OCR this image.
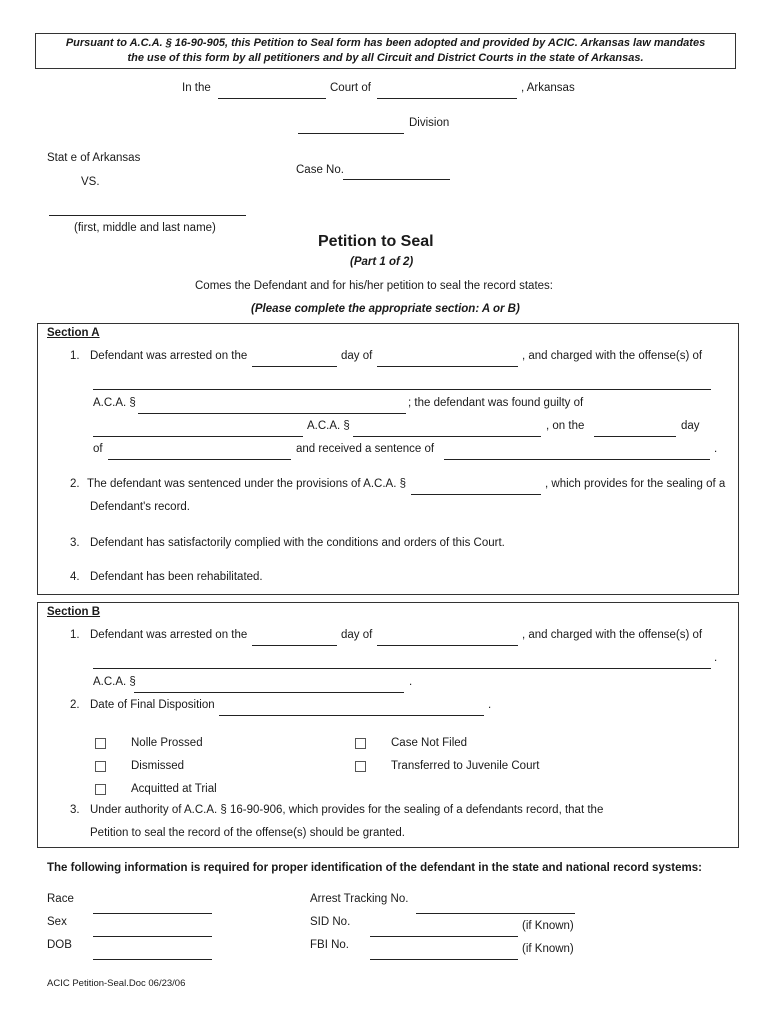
Pursuant to A.C.A. § 16-90-905, this Petition to Seal form has been adopted and provided by ACIC. Arkansas law mandates
the use of this form by all petitioners and by all Circuit and District Courts in the state of Arkansas.
In the	Court of	, Arkansas
Division
Stat e of Arkansas
VS.
Case No.
(first, middle and last name)
Petition to Seal
(Part 1 of 2)
Comes the Defendant and for his/her petition to seal the record states:
(Please complete the appropriate section: A or B)
Section A
1. Defendant was arrested on the	day of	, and charged with the offense(s) of
A.C.A. §	; the defendant was found guilty of
A.C.A. §	, on the	day
of	and received a sentence of	.
2. The defendant was sentenced under the provisions of A.C.A. §	, which provides for the sealing of a
Defendant's record.
3. Defendant has satisfactorily complied with the conditions and orders of this Court.
4. Defendant has been rehabilitated.
Section B
1. Defendant was arrested on the	day of	, and charged with the offense(s) of
.
A.C.A. §	.
2. Date of Final Disposition	.
Nolle Prossed	Case Not Filed
Dismissed	Transferred to Juvenile Court
Acquitted at Trial
3. Under authority of A.C.A. § 16-90-906, which provides for the sealing of a defendants record, that the
Petition to seal the record of the offense(s) should be granted.
The following information is required for proper identification of the defendant in the state and national record systems:
Race	Arrest Tracking No.
Sex	SID No.	(if Known)
DOB	FBI No.	(if Known)
ACIC Petition-Seal.Doc 06/23/06
